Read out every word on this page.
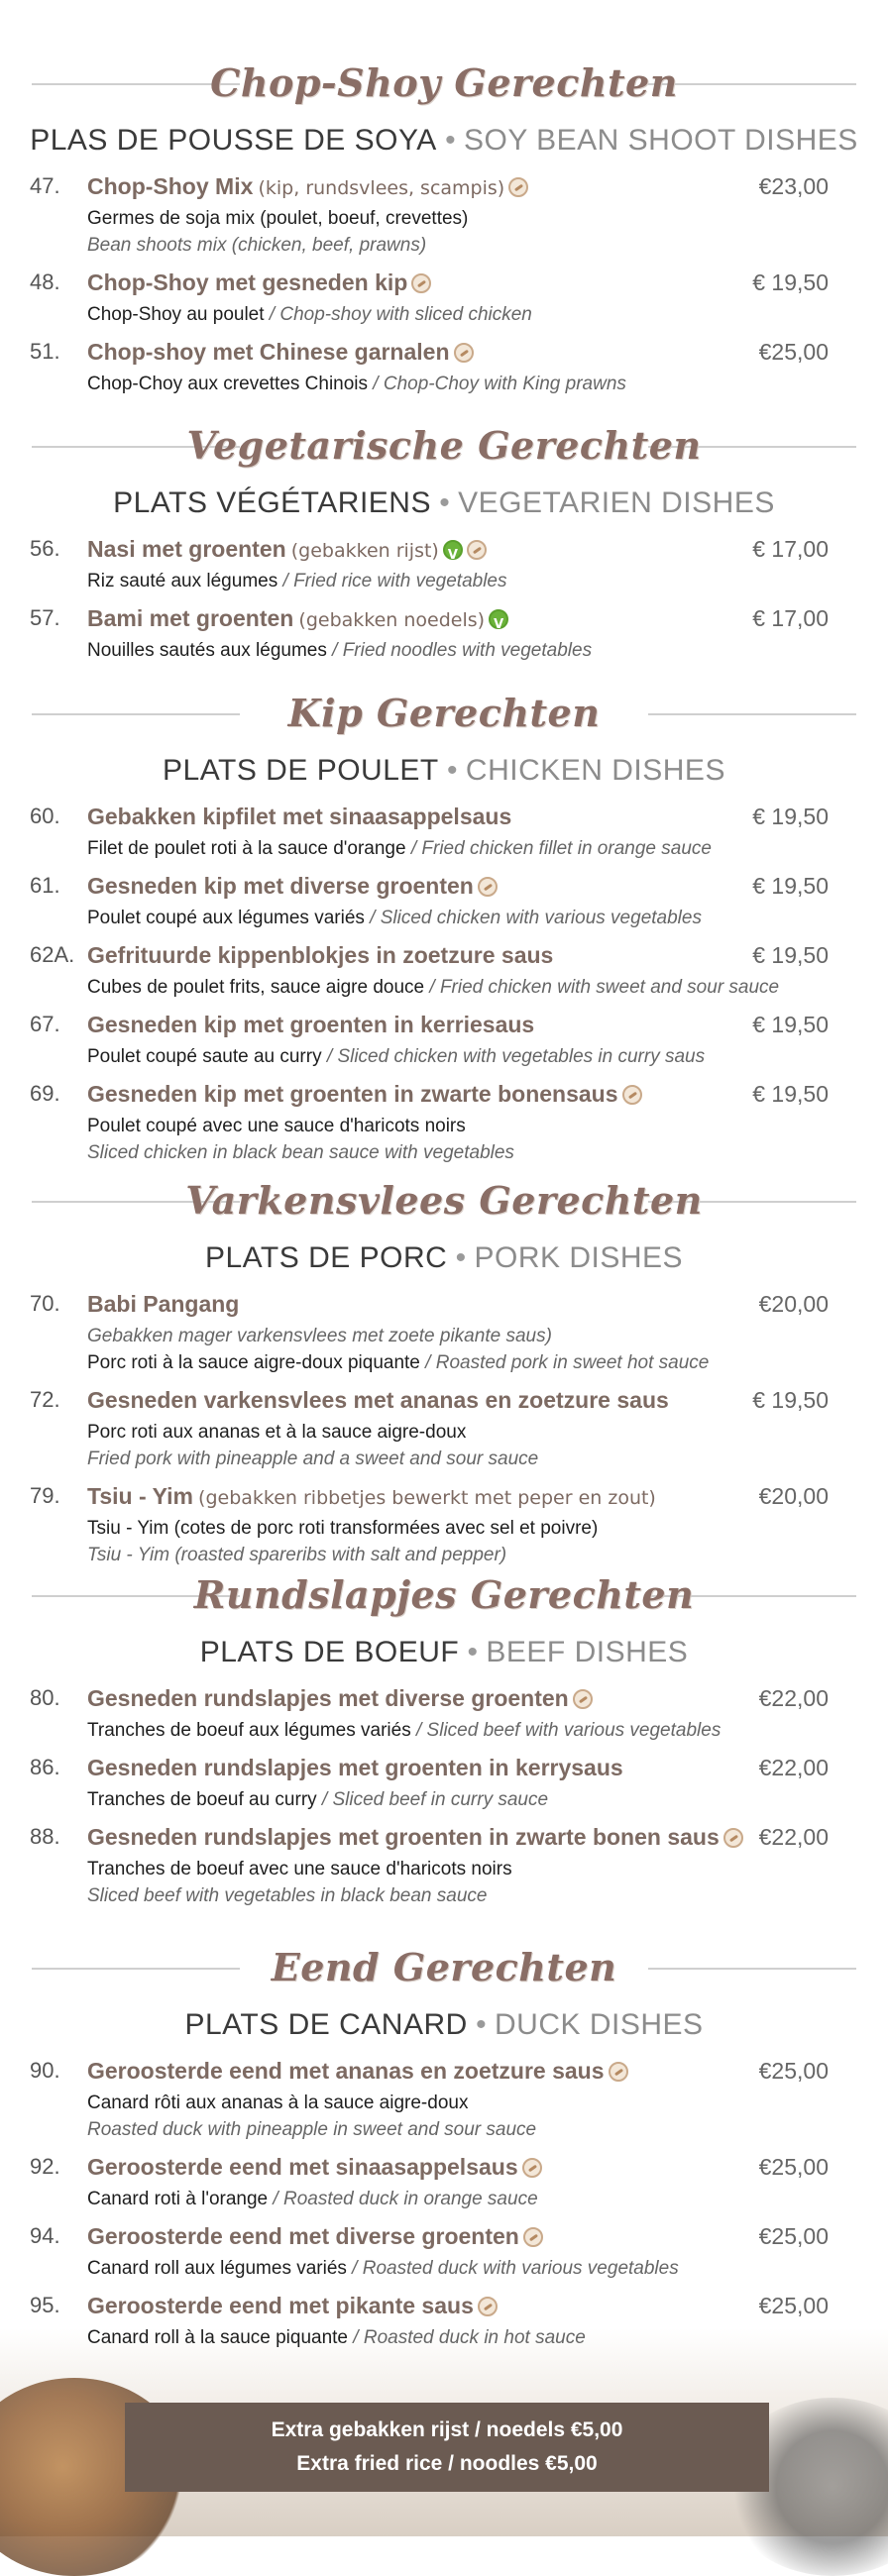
Chop-Shoy Gerechten
PLAS DE POUSSE DE SOYA • SOY BEAN SHOOT DISHES
47. Chop-Shoy Mix (kip, rundsvlees, scampis)	€23,00
Germes de soja mix (poulet, boeuf, crevettes)
Bean shoots mix (chicken, beef, prawns)
48. Chop-Shoy met gesneden kip	€ 19,50
Chop-Shoy au poulet / Chop-shoy with sliced chicken
51. Chop-shoy met Chinese garnalen	€25,00
Chop-Choy aux crevettes Chinois / Chop-Choy with King prawns
Vegetarische Gerechten
PLATS VÉGÉTARIENS • VEGETARIEN DISHES
56. Nasi met groenten (gebakken rijst) V	€ 17,00
Riz sauté aux légumes / Fried rice with vegetables
57. Bami met groenten (gebakken noedels) V	€ 17,00
Nouilles sautés aux légumes / Fried noodles with vegetables
Kip Gerechten
PLATS DE POULET • CHICKEN DISHES
60. Gebakken kipfilet met sinaasappelsaus	€ 19,50
Filet de poulet roti à la sauce d'orange / Fried chicken fillet in orange sauce
61. Gesneden kip met diverse groenten	€ 19,50
Poulet coupé aux légumes variés / Sliced chicken with various vegetables
62A. Gefrituurde kippenblokjes in zoetzure saus	€ 19,50
Cubes de poulet frits, sauce aigre douce / Fried chicken with sweet and sour sauce
67. Gesneden kip met groenten in kerriesaus	€ 19,50
Poulet coupé saute au curry / Sliced chicken with vegetables in curry saus
69. Gesneden kip met groenten in zwarte bonensaus	€ 19,50
Poulet coupé avec une sauce d'haricots noirs
Sliced chicken in black bean sauce with vegetables
Varkensvlees Gerechten
PLATS DE PORC • PORK DISHES
70. Babi Pangang	€20,00
Gebakken mager varkensvlees met zoete pikante saus)
Porc roti à la sauce aigre-doux piquante / Roasted pork in sweet hot sauce
72. Gesneden varkensvlees met ananas en zoetzure saus	€ 19,50
Porc roti aux ananas et à la sauce aigre-doux
Fried pork with pineapple and a sweet and sour sauce
79. Tsiu - Yim (gebakken ribbetjes bewerkt met peper en zout)	€20,00
Tsiu - Yim (cotes de porc roti transformées avec sel et poivre)
Tsiu - Yim (roasted spareribs with salt and pepper)
Rundslapjes Gerechten
PLATS DE BOEUF • BEEF DISHES
80. Gesneden rundslapjes met diverse groenten	€22,00
Tranches de boeuf aux légumes variés / Sliced beef with various vegetables
86. Gesneden rundslapjes met groenten in kerrysaus	€22,00
Tranches de boeuf au curry / Sliced beef in curry sauce
88. Gesneden rundslapjes met groenten in zwarte bonen saus €22,00
Tranches de boeuf avec une sauce d'haricots noirs
Sliced beef with vegetables in black bean sauce
Eend Gerechten
PLATS DE CANARD • DUCK DISHES
90. Geroosterde eend met ananas en zoetzure saus	€25,00
Canard rôti aux ananas à la sauce aigre-doux
Roasted duck with pineapple in sweet and sour sauce
92. Geroosterde eend met sinaasappelsaus	€25,00
Canard roti à l'orange / Roasted duck in orange sauce
94. Geroosterde eend met diverse groenten	€25,00
Canard roll aux légumes variés / Roasted duck with various vegetables
95. Geroosterde eend met pikante saus	€25,00
Canard roll à la sauce piquante / Roasted duck in hot sauce
Extra gebakken rijst / noedels €5,00
Extra fried rice / noodles €5,00
